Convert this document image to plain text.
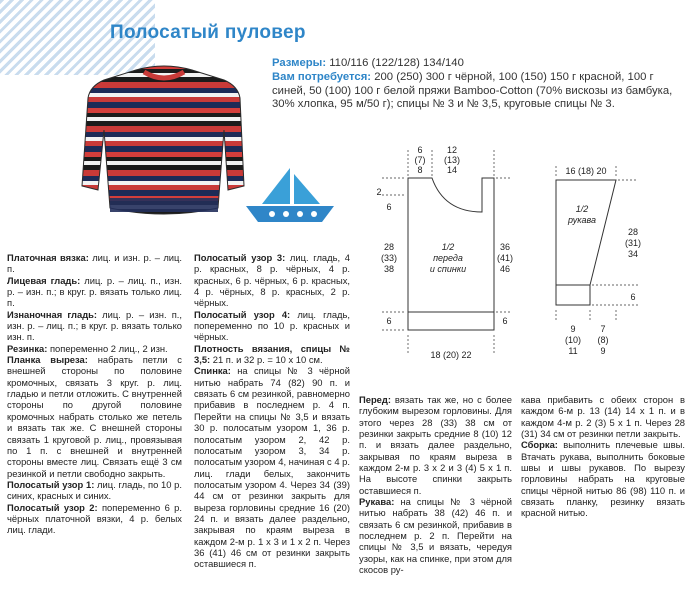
Полосатый пуловер
Размеры: 110/116 (122/128) 134/140
Вам потребуется: 200 (250) 300 г чёрной, 100 (150) 150 г красной, 100 г
синей, 50 (100) 100 г белой пряжи Bamboo-Cotton (70% вискозы из бамбука,
30% хлопка, 95 м/50 г); спицы № 3 и № 3,5, круговые спицы № 3.
6
(7)
8
12
(13)
14
2
6
28
(33)
38
36
(41)
46
6	6
1/2
переда
и спинки
18 (20) 22
16 (18) 20
1/2
рукава
28
(31)
34
6
9
(10)
11
7
(8)
9

Платочная вязка: лиц. и изн. р. – лиц. п.

Лицевая гладь: лиц. р. – лиц. п., изн. р. – изн. п.; в круг. р. вязать только лиц. п.

Изнаночная гладь: лиц. р. – изн. п., изн. р. – лиц. п.; в круг. р. вязать только изн. п.

Резинка: попеременно 2 лиц., 2 изн.

Планка выреза: набрать петли с внешней стороны по половине кромочных, связать 3 круг. р. лиц. гладью и петли отложить. С внутренней стороны по другой половине кромочных набрать столько же петель и вязать так же. С внешней стороны связать 1 круговой р. лиц., провязывая по 1 п. с внешней и внутренней стороны вместе лиц. Связать ещё 3 см резинкой и петли свободно закрыть.

Полосатый узор 1: лиц. гладь, по 10 р. синих, красных и синих.

Полосатый узор 2: попеременно 6 р. чёрных платочной вязки, 4 р. белых лиц. глади.

Полосатый узор 3: лиц. гладь, 4 р. красных, 8 р. чёрных, 4 р. красных, 6 р. чёрных, 6 р. красных, 4 р. чёрных, 8 р. красных, 2 р. чёрных.

Полосатый узор 4: лиц. гладь, попеременно по 10 р. красных и чёрных.

Плотность вязания, спицы № 3,5: 21 п. и 32 р. = 10 x 10 см.

Спинка: на спицы № 3 чёрной нитью набрать 74 (82) 90 п. и связать 6 см резинкой, равномерно прибавив в последнем р. 4 п. Перейти на спицы № 3,5 и вязать 30 р. полосатым узором 1, 36 р. полосатым узором 2, 42 р. полосатым узором 3, 34 р. полосатым узором 4, начиная с 4 р. лиц. глади белых, закончить полосатым узором 4. Через 34 (39) 44 см от резинки закрыть для выреза горловины средние 16 (20) 24 п. и вязать далее раздельно, закрывая по краям выреза в каждом 2-м р. 1 x 3 и 1 x 2 п. Через 36 (41) 46 см от резинки закрыть оставшиеся п.

Перед: вязать так же, но с более глубоким вырезом горловины. Для этого через 28 (33) 38 см от резинки закрыть средние 8 (10) 12 п. и вязать далее раздельно, закрывая по краям выреза в каждом 2-м р. 3 x 2 и 3 (4) 5 x 1 п. На высоте спинки закрыть оставшиеся п.

Рукава: на спицы № 3 чёрной нитью набрать 38 (42) 46 п. и связать 6 см резинкой, прибавив в последнем р. 2 п. Перейти на спицы № 3,5 и вязать, чередуя узоры, как на спинке, при этом для скосов ру-

кава прибавить с обеих сторон в каждом 6-м р. 13 (14) 14 x 1 п. и в каждом 4-м р. 2 (3) 5 x 1 п. Через 28 (31) 34 см от резинки петли закрыть.

Сборка: выполнить плечевые швы. Втачать рукава, выполнить боковые швы и швы рукавов. По вырезу горловины набрать на круговые спицы чёрной нитью 86 (98) 110 п. и связать планку, резинку вязать красной нитью.
